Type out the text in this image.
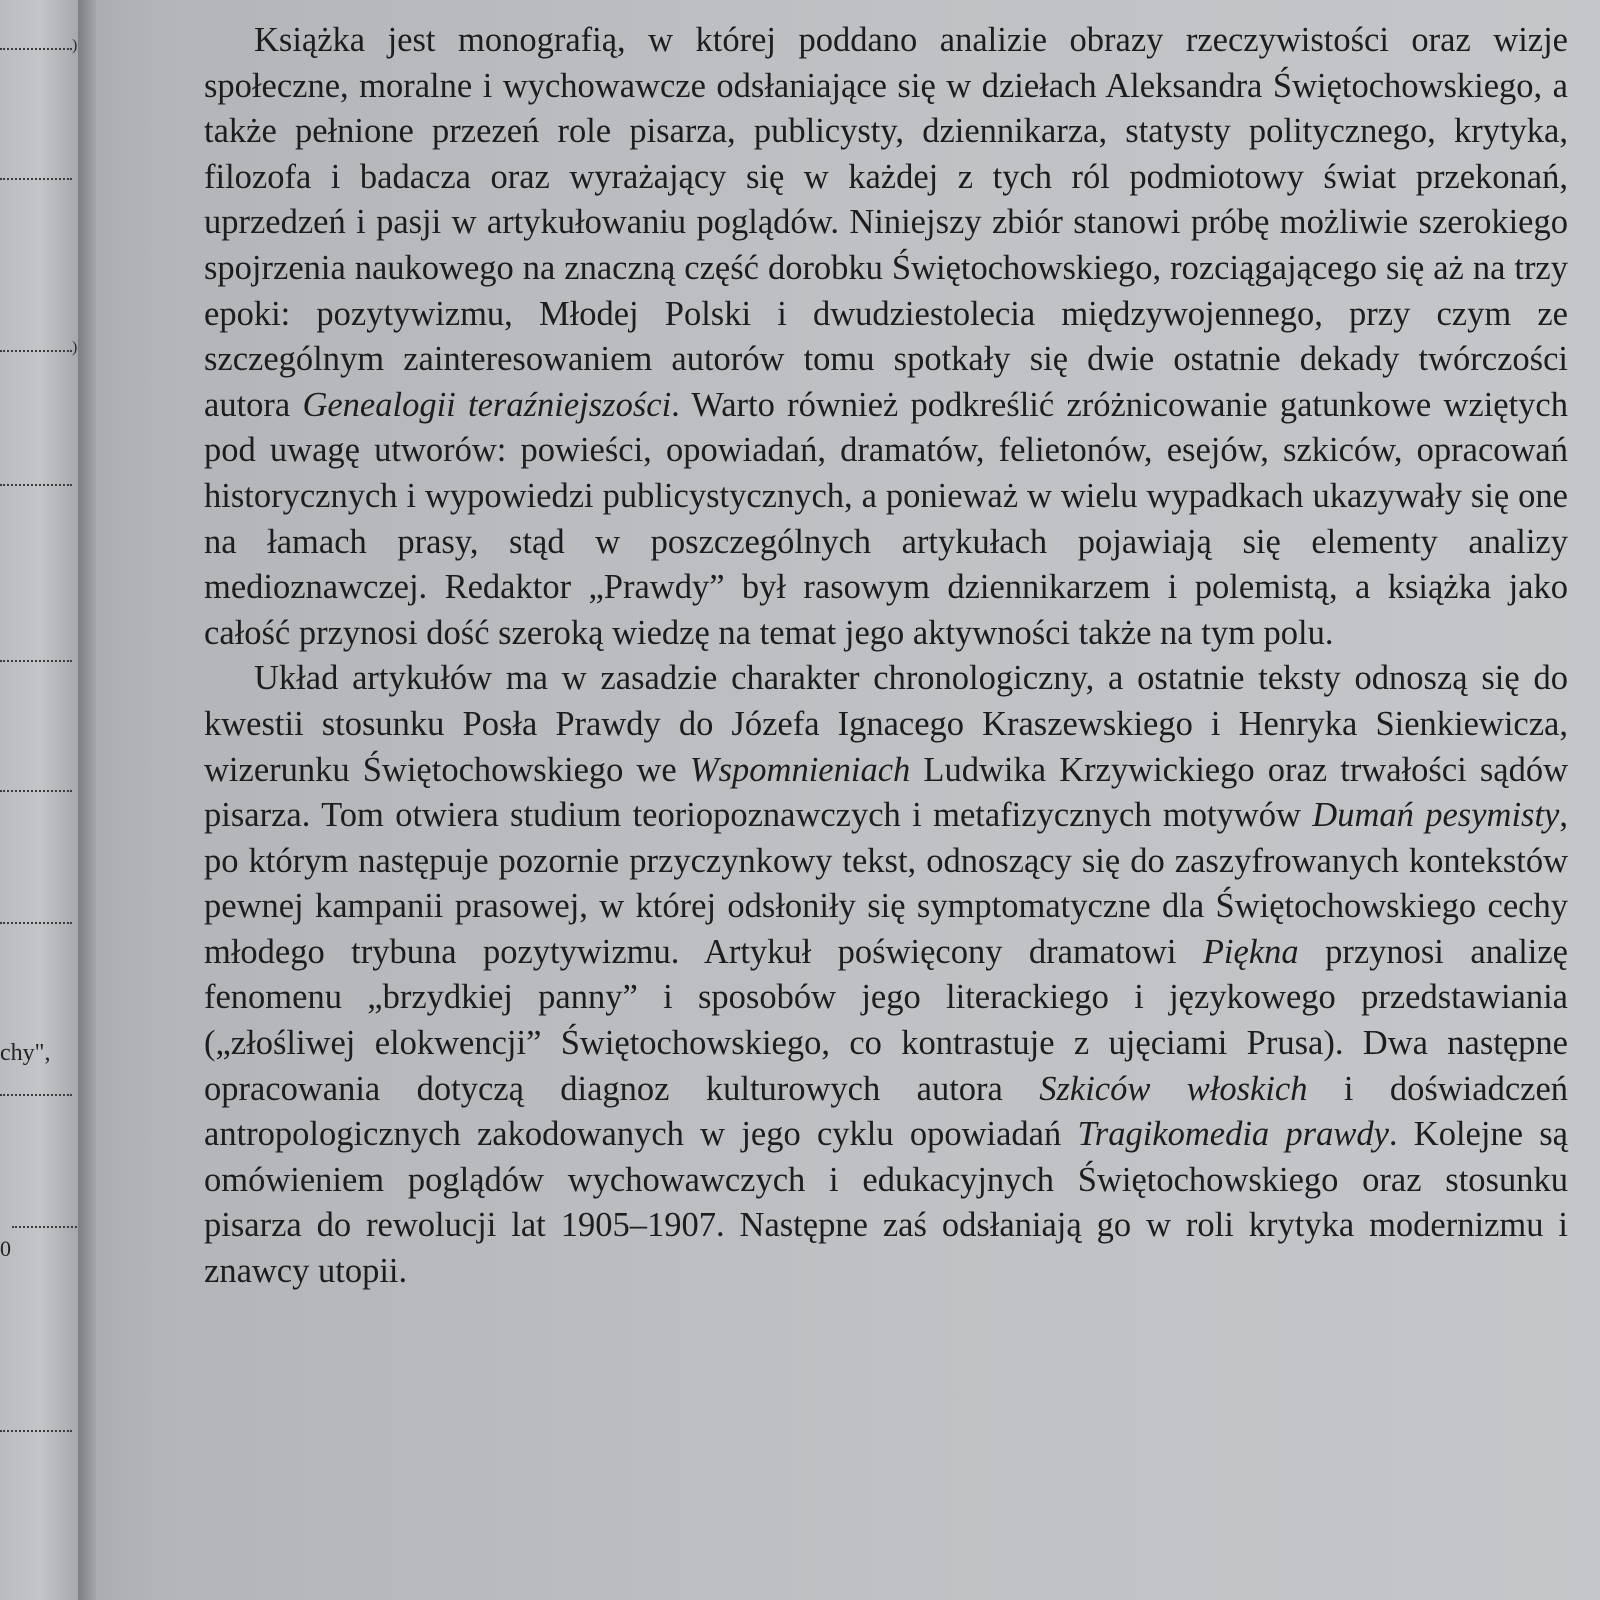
)
)
chy",
0

Książka jest monografią, w której poddano analizie obrazy rzeczywistości oraz wizje społeczne, moralne i wychowawcze odsłaniające się w dziełach Aleksandra Świętochowskiego, a także pełnione przezeń role pisarza, publicysty, dziennikarza, statysty politycznego, krytyka, filozofa i badacza oraz wyrażający się w każdej z tych ról podmiotowy świat przekonań, uprzedzeń i pasji w artykułowaniu poglądów. Niniejszy zbiór stanowi próbę możliwie szerokiego spojrzenia naukowego na znaczną część dorobku Świętochowskiego, rozciągającego się aż na trzy epoki: pozytywizmu, Młodej Polski i dwudziestolecia międzywojennego, przy czym ze szczególnym zainteresowaniem autorów tomu spotkały się dwie ostatnie dekady twórczości autora Genealogii teraźniejszości. Warto również podkreślić zróżnicowanie gatunkowe wziętych pod uwagę utworów: powieści, opowiadań, dramatów, felietonów, esejów, szkiców, opracowań historycznych i wypowiedzi publicystycznych, a ponieważ w wielu wypadkach ukazywały się one na łamach prasy, stąd w poszczególnych artykułach pojawiają się elementy analizy medioznawczej. Redaktor „Prawdy” był rasowym dziennikarzem i polemistą, a książka jako całość przynosi dość szeroką wiedzę na temat jego aktywności także na tym polu.

Układ artykułów ma w zasadzie charakter chronologiczny, a ostatnie teksty odnoszą się do kwestii stosunku Posła Prawdy do Józefa Ignacego Kraszewskiego i Henryka Sienkiewicza, wizerunku Świętochowskiego we Wspomnieniach Ludwika Krzywickiego oraz trwałości sądów pisarza. Tom otwiera studium teoriopoznawczych i metafizycznych motywów Dumań pesymisty, po którym następuje pozornie przyczynkowy tekst, odnoszący się do zaszyfrowanych kontekstów pewnej kampanii prasowej, w której odsłoniły się symptomatyczne dla Świętochowskiego cechy młodego trybuna pozytywizmu. Artykuł poświęcony dramatowi Piękna przynosi analizę fenomenu „brzydkiej panny” i sposobów jego literackiego i językowego przedstawiania („złośliwej elokwencji” Świętochowskiego, co kontrastuje z ujęciami Prusa). Dwa następne opracowania dotyczą diagnoz kulturowych autora Szkiców włoskich i doświadczeń antropologicznych zakodowanych w jego cyklu opowiadań Tragikomedia prawdy. Kolejne są omówieniem poglądów wychowawczych i edukacyjnych Świętochowskiego oraz stosunku pisarza do rewolucji lat 1905–1907. Następne zaś odsłaniają go w roli krytyka modernizmu i znawcy utopii.
